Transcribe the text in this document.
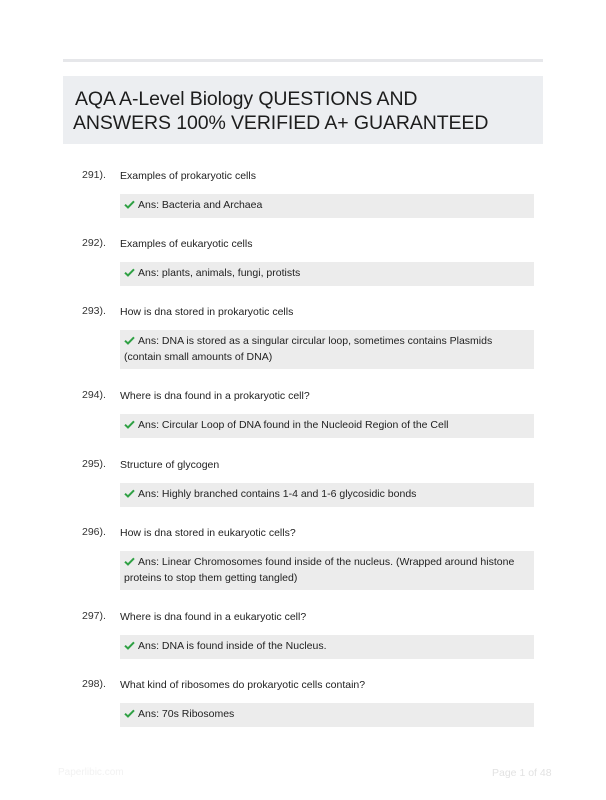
AQA A-Level Biology QUESTIONS AND
ANSWERS 100% VERIFIED A+ GUARANTEED
291). Examples of prokaryotic cells
Ans: Bacteria and Archaea
292). Examples of eukaryotic cells
Ans: plants, animals, fungi, protists
293). How is dna stored in prokaryotic cells
Ans: DNA is stored as a singular circular loop, sometimes contains Plasmids (contain small amounts of DNA)
294). Where is dna found in a prokaryotic cell?
Ans: Circular Loop of DNA found in the Nucleoid Region of the Cell
295). Structure of glycogen
Ans: Highly branched contains 1-4 and 1-6 glycosidic bonds
296). How is dna stored in eukaryotic cells?
Ans: Linear Chromosomes found inside of the nucleus. (Wrapped around histone proteins to stop them getting tangled)
297). Where is dna found in a eukaryotic cell?
Ans: DNA is found inside of the Nucleus.
298). What kind of ribosomes do prokaryotic cells contain?
Ans: 70s Ribosomes
Paperlibic.com	Page 1 of 48
